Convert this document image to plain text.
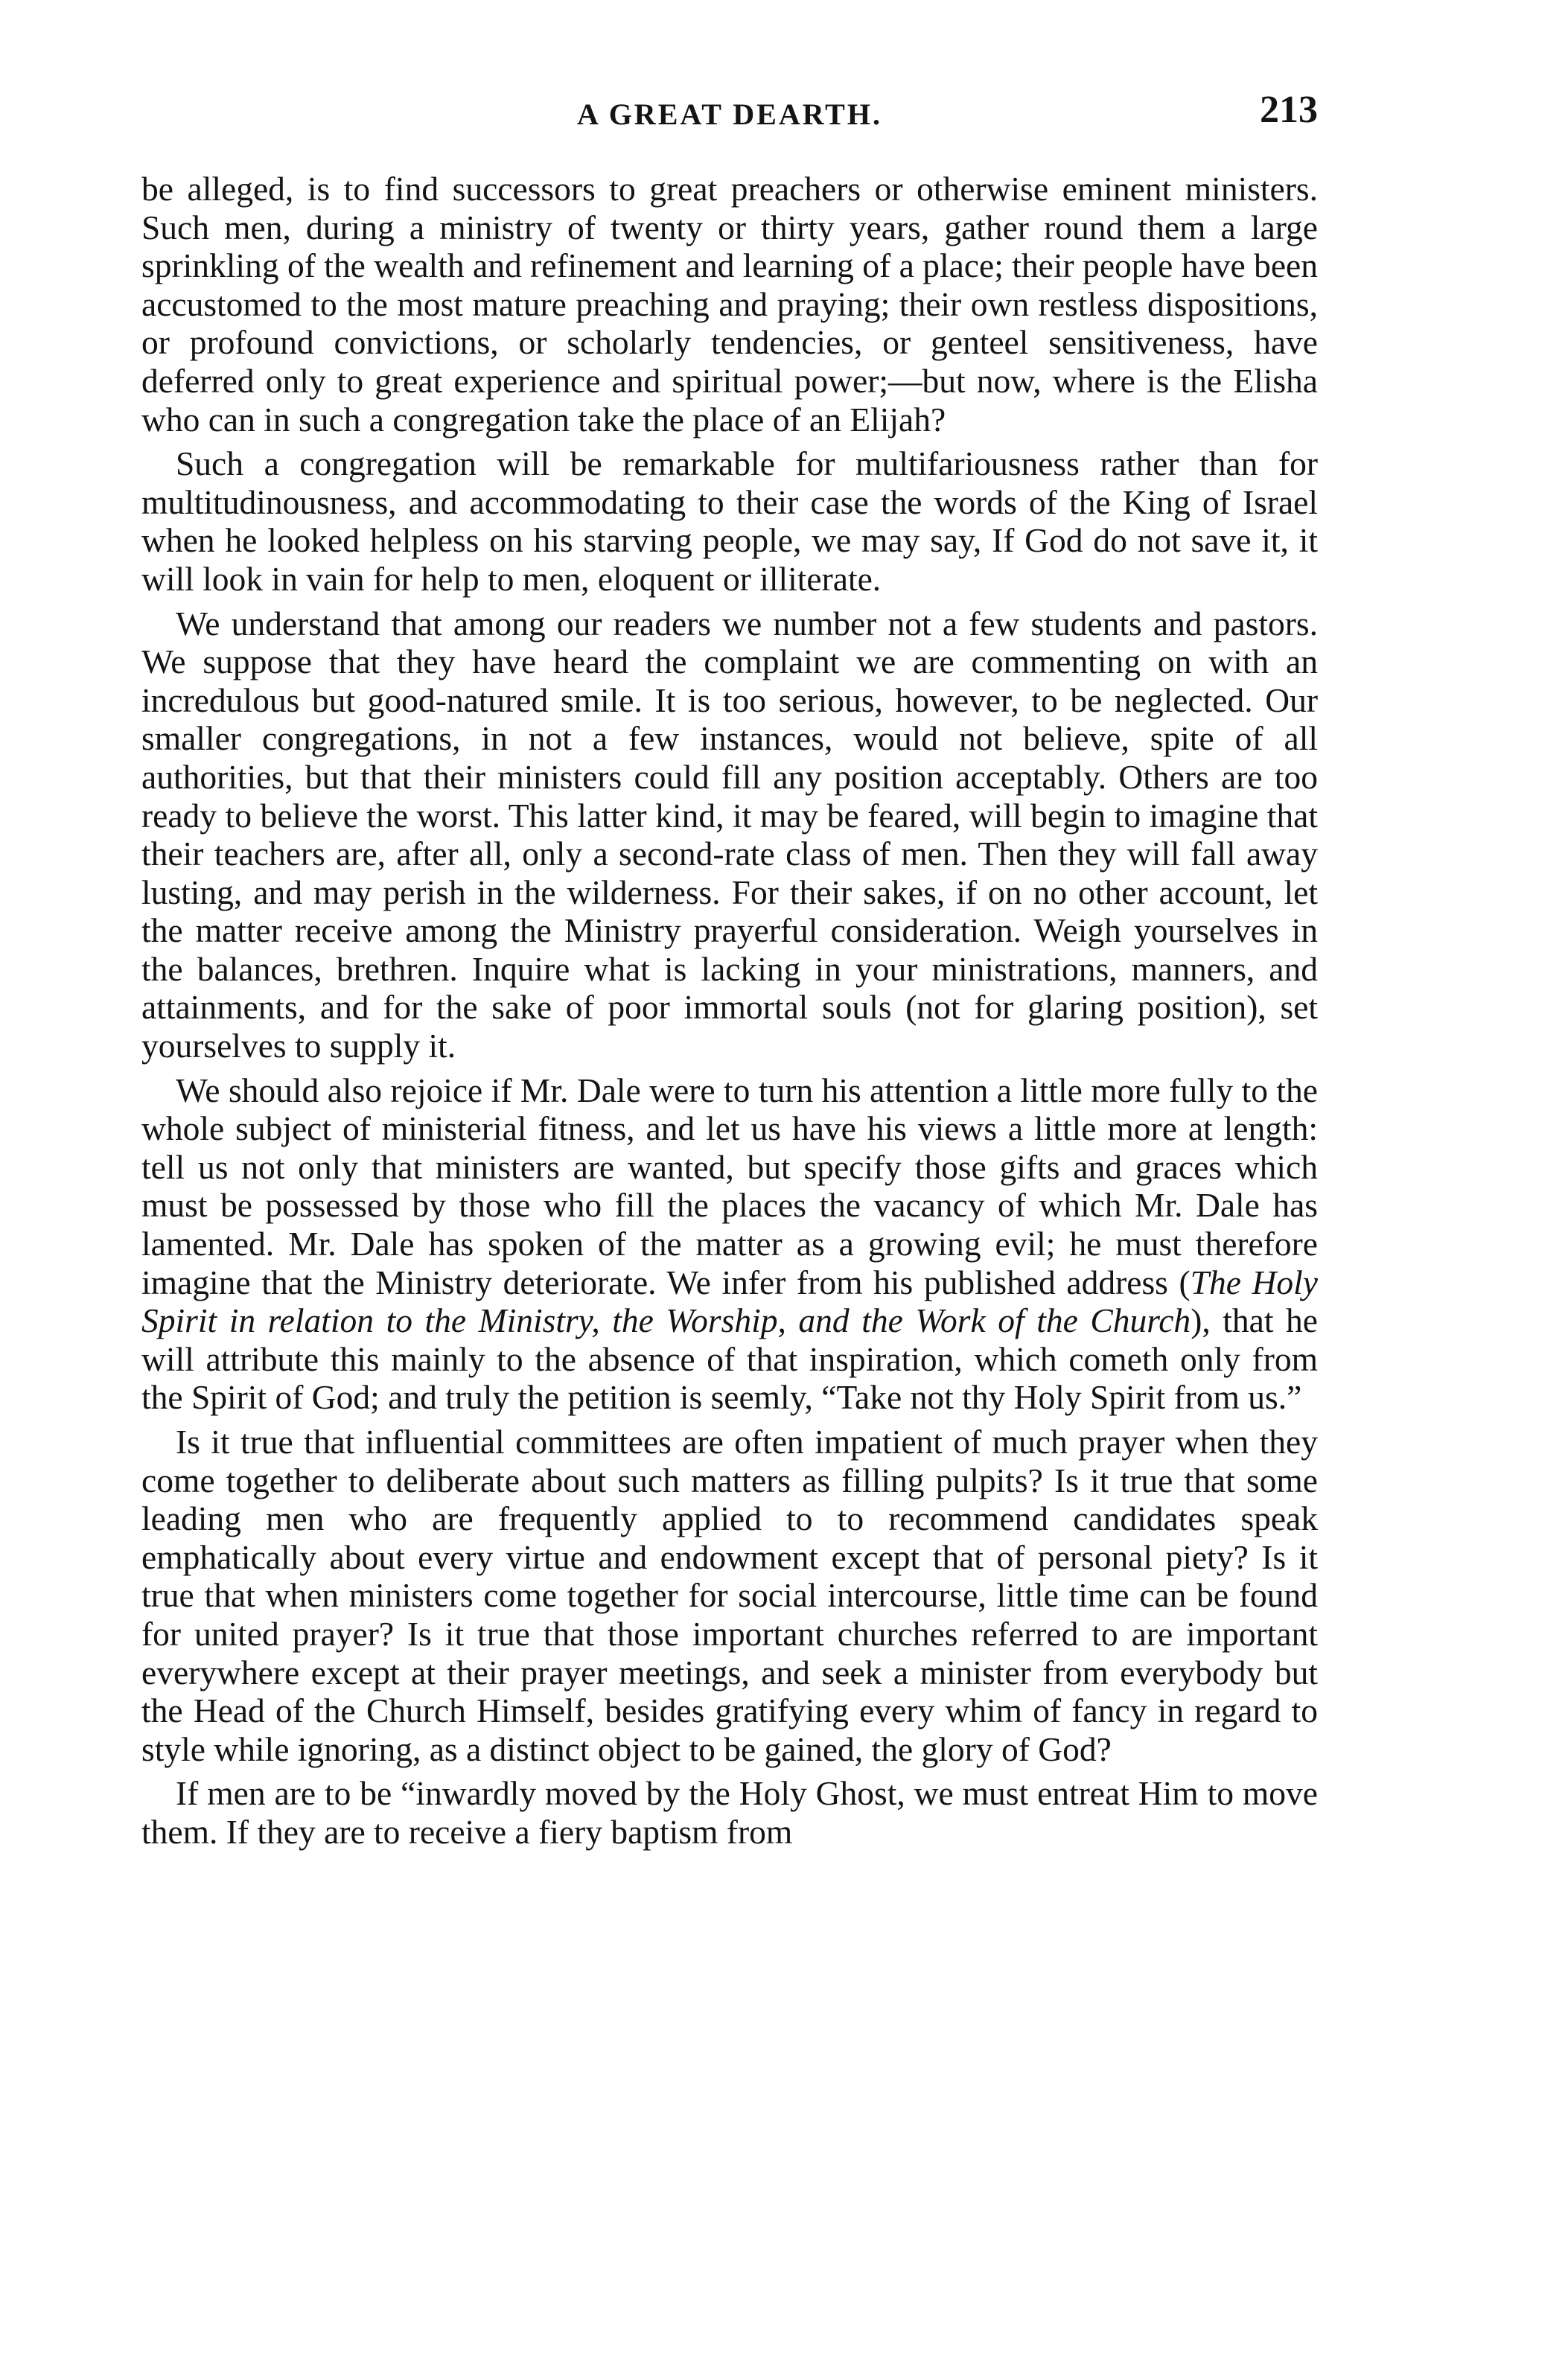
A GREAT DEARTH.	213

be alleged, is to find successors to great preachers or otherwise eminent ministers. Such men, during a ministry of twenty or thirty years, gather round them a large sprinkling of the wealth and refinement and learning of a place; their people have been accustomed to the most mature preaching and praying; their own restless dispositions, or profound convictions, or scholarly tendencies, or genteel sensitiveness, have deferred only to great experience and spiritual power;—but now, where is the Elisha who can in such a congregation take the place of an Elijah?

Such a congregation will be remarkable for multifariousness rather than for multitudinousness, and accommodating to their case the words of the King of Israel when he looked helpless on his starving people, we may say, If God do not save it, it will look in vain for help to men, eloquent or illiterate.

We understand that among our readers we number not a few students and pastors. We suppose that they have heard the complaint we are commenting on with an incredulous but good-natured smile. It is too serious, however, to be neglected. Our smaller congregations, in not a few instances, would not believe, spite of all authorities, but that their ministers could fill any position acceptably. Others are too ready to believe the worst. This latter kind, it may be feared, will begin to imagine that their teachers are, after all, only a second-rate class of men. Then they will fall away lusting, and may perish in the wilderness. For their sakes, if on no other account, let the matter receive among the Ministry prayerful consideration. Weigh yourselves in the balances, brethren. Inquire what is lacking in your ministrations, manners, and attainments, and for the sake of poor immortal souls (not for glaring position), set yourselves to supply it.

We should also rejoice if Mr. Dale were to turn his attention a little more fully to the whole subject of ministerial fitness, and let us have his views a little more at length: tell us not only that ministers are wanted, but specify those gifts and graces which must be possessed by those who fill the places the vacancy of which Mr. Dale has lamented. Mr. Dale has spoken of the matter as a growing evil; he must therefore imagine that the Ministry deteriorate. We infer from his published address (The Holy Spirit in relation to the Ministry, the Worship, and the Work of the Church), that he will attribute this mainly to the absence of that inspiration, which cometh only from the Spirit of God; and truly the petition is seemly, “Take not thy Holy Spirit from us.”

Is it true that influential committees are often impatient of much prayer when they come together to deliberate about such matters as filling pulpits? Is it true that some leading men who are frequently applied to to recommend candidates speak emphatically about every virtue and endowment except that of personal piety? Is it true that when ministers come together for social intercourse, little time can be found for united prayer? Is it true that those important churches referred to are important everywhere except at their prayer meetings, and seek a minister from everybody but the Head of the Church Himself, besides gratifying every whim of fancy in regard to style while ignoring, as a distinct object to be gained, the glory of God?

If men are to be “inwardly moved by the Holy Ghost, we must entreat Him to move them. If they are to receive a fiery baptism from
